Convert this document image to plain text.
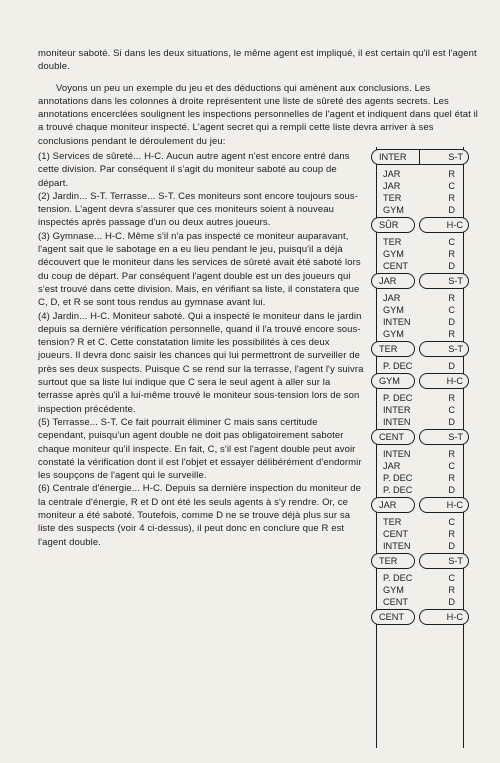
moniteur saboté. Si dans les deux situations, le même agent est impliqué, il est certain qu'il est l'agent double.

Voyons un peu un exemple du jeu et des déductions qui amènent aux conclusions. Les annotations dans les colonnes à droite représentent une liste de sûreté des agents secrets. Les annotations encerclées soulignent les inspections personnelles de l'agent et indiquent dans quel état il a trouvé chaque moniteur inspecté. L'agent secret qui a rempli cette liste devra arriver à ses conclusions pendant le déroulement du jeu:

(1) Services de sûreté... H-C. Aucun autre agent n'est encore entré dans cette division. Par conséquent il s'agit du moniteur saboté au coup de départ.

(2) Jardin... S-T. Terrasse... S-T. Ces moniteurs sont encore toujours sous-tension. L'agent devra s'assurer que ces moniteurs soient à nouveau inspectés après passage d'un ou deux autres joueurs.

(3) Gymnase... H-C. Même s'il n'a pas inspecté ce moniteur auparavant, l'agent sait que le sabotage en a eu lieu pendant le jeu, puisqu'il a déjà découvert que le moniteur dans les services de sûreté avait été saboté lors du coup de départ. Par conséquent l'agent double est un des joueurs qui s'est trouvé dans cette division. Mais, en vérifiant sa liste, il constatera que C, D, et R se sont tous rendus au gymnase avant lui.

(4) Jardin... H-C. Moniteur saboté. Qui a inspecté le moniteur dans le jardin depuis sa dernière vérification personnelle, quand il l'a trouvé encore sous-tension? R et C. Cette constatation limite les possibilités à ces deux joueurs. Il devra donc saisir les chances qui lui permettront de surveiller de près ses deux suspects. Puisque C se rend sur la terrasse, l'agent l'y suivra surtout que sa liste lui indique que C sera le seul agent à aller sur la terrasse après qu'il a lui-même trouvé le moniteur sous-tension lors de son inspection précédente.

(5) Terrasse... S-T. Ce fait pourrait éliminer C mais sans certitude cependant, puisqu'un agent double ne doit pas obligatoirement saboter chaque moniteur qu'il inspecte. En fait, C, s'il est l'agent double peut avoir constaté la vérification dont il est l'objet et essayer délibérément d'endormir les soupçons de l'agent qui le surveille.

(6) Centrale d'énergie... H-C. Depuis sa dernière inspection du moniteur de la centrale d'énergie, R et D ont été les seuls agents à s'y rendre. Or, ce moniteur a été saboté. Toutefois, comme D ne se trouve déjà plus sur sa liste des suspects (voir 4 ci-dessus), il peut donc en conclure que R est l'agent double.

INTER	S-T
JAR	R
JAR	C
TER	R
GYM	D
SÛR	H-C
TER	C
GYM	R
CENT	D
JAR	S-T
JAR	R
GYM	C
INTEN	D
GYM	R
TER	S-T
P. DEC	D
GYM	H-C
P. DEC	R
INTER	C
INTEN	D
CENT	S-T
INTEN	R
JAR	C
P. DEC	R
P. DEC	D
JAR	H-C
TER	C
CENT	R
INTEN	D
TER	S-T
P. DEC	C
GYM	R
CENT	D
CENT	H-C
